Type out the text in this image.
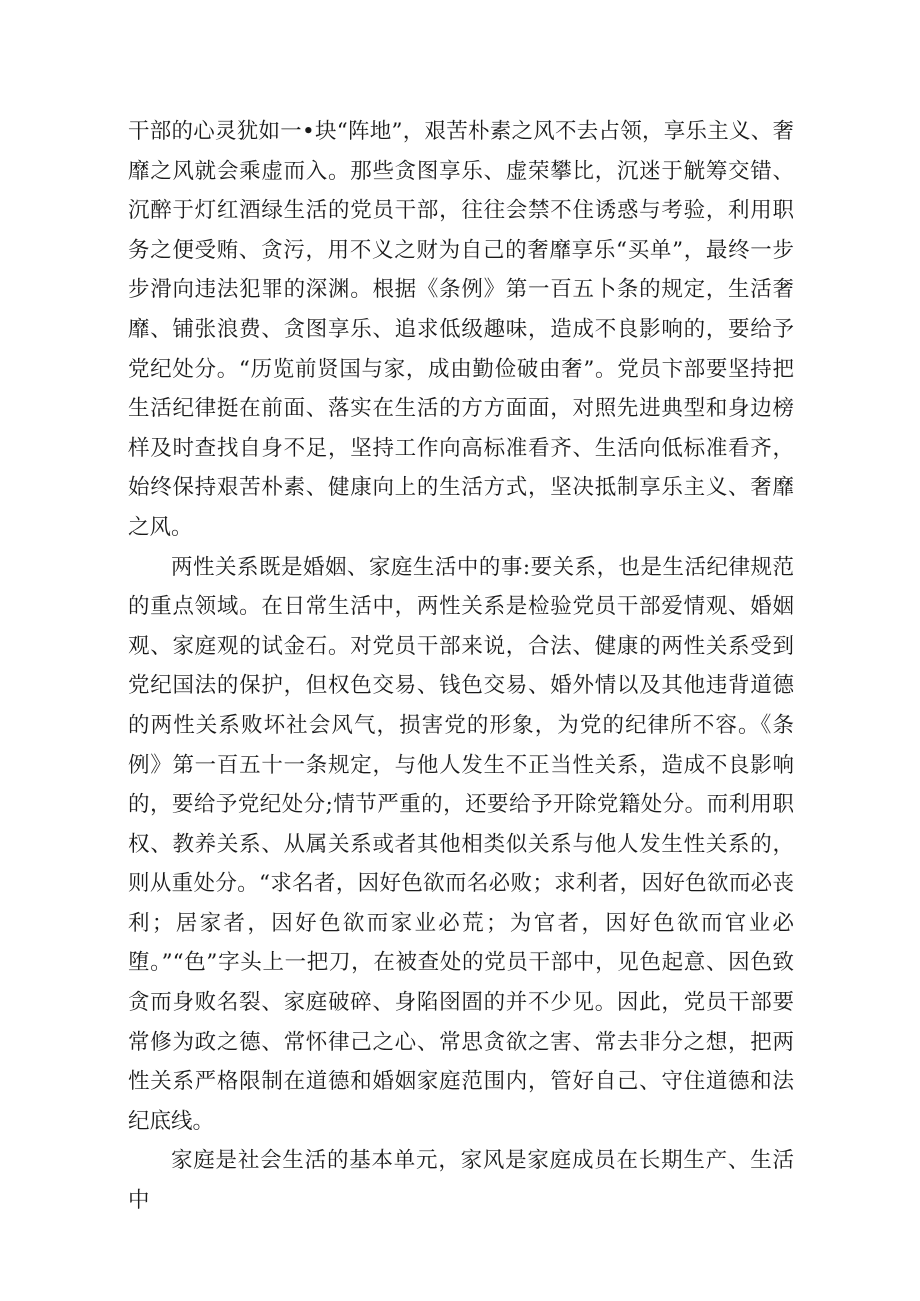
干部的心灵犹如一•块“阵地”，艰苦朴素之风不去占领，享乐主义、奢靡之风就会乘虚而入。那些贪图享乐、虚荣攀比，沉迷于觥筹交错、沉醉于灯红酒绿生活的党员干部，往往会禁不住诱惑与考验，利用职务之便受贿、贪污，用不义之财为自己的奢靡享乐“买单”，最终一步步滑向违法犯罪的深渊。根据《条例》第一百五卜条的规定，生活奢靡、铺张浪费、贪图享乐、追求低级趣味，造成不良影响的，要给予党纪处分。“历览前贤国与家，成由勤俭破由奢”。党员卞部要坚持把生活纪律挺在前面、落实在生活的方方面面，对照先进典型和身边榜样及时查找自身不足，坚持工作向高标准看齐、生活向低标准看齐，始终保持艰苦朴素、健康向上的生活方式，坚决抵制享乐主义、奢靡之风。

两性关系既是婚姻、家庭生活中的事:要关系，也是生活纪律规范的重点领域。在日常生活中，两性关系是检验党员干部爱情观、婚姻观、家庭观的试金石。对党员干部来说，合法、健康的两性关系受到党纪国法的保护，但权色交易、钱色交易、婚外情以及其他违背道德的两性关系败坏社会风气，损害党的形象，为党的纪律所不容。《条例》第一百五十一条规定，与他人发生不正当性关系，造成不良影响的，要给予党纪处分;情节严重的，还要给予开除党籍处分。而利用职权、教养关系、从属关系或者其他相类似关系与他人发生性关系的，则从重处分。“求名者，因好色欲而名必败；求利者，因好色欲而必丧利；居家者，因好色欲而家业必荒；为官者，因好色欲而官业必堕。”“色”字头上一把刀，在被查处的党员干部中，见色起意、因色致贪而身败名裂、家庭破碎、身陷囹圄的并不少见。因此，党员干部要常修为政之德、常怀律己之心、常思贪欲之害、常去非分之想，把两性关系严格限制在道德和婚姻家庭范围内，管好自己、守住道德和法纪底线。

家庭是社会生活的基本单元，家风是家庭成员在长期生产、生活中
